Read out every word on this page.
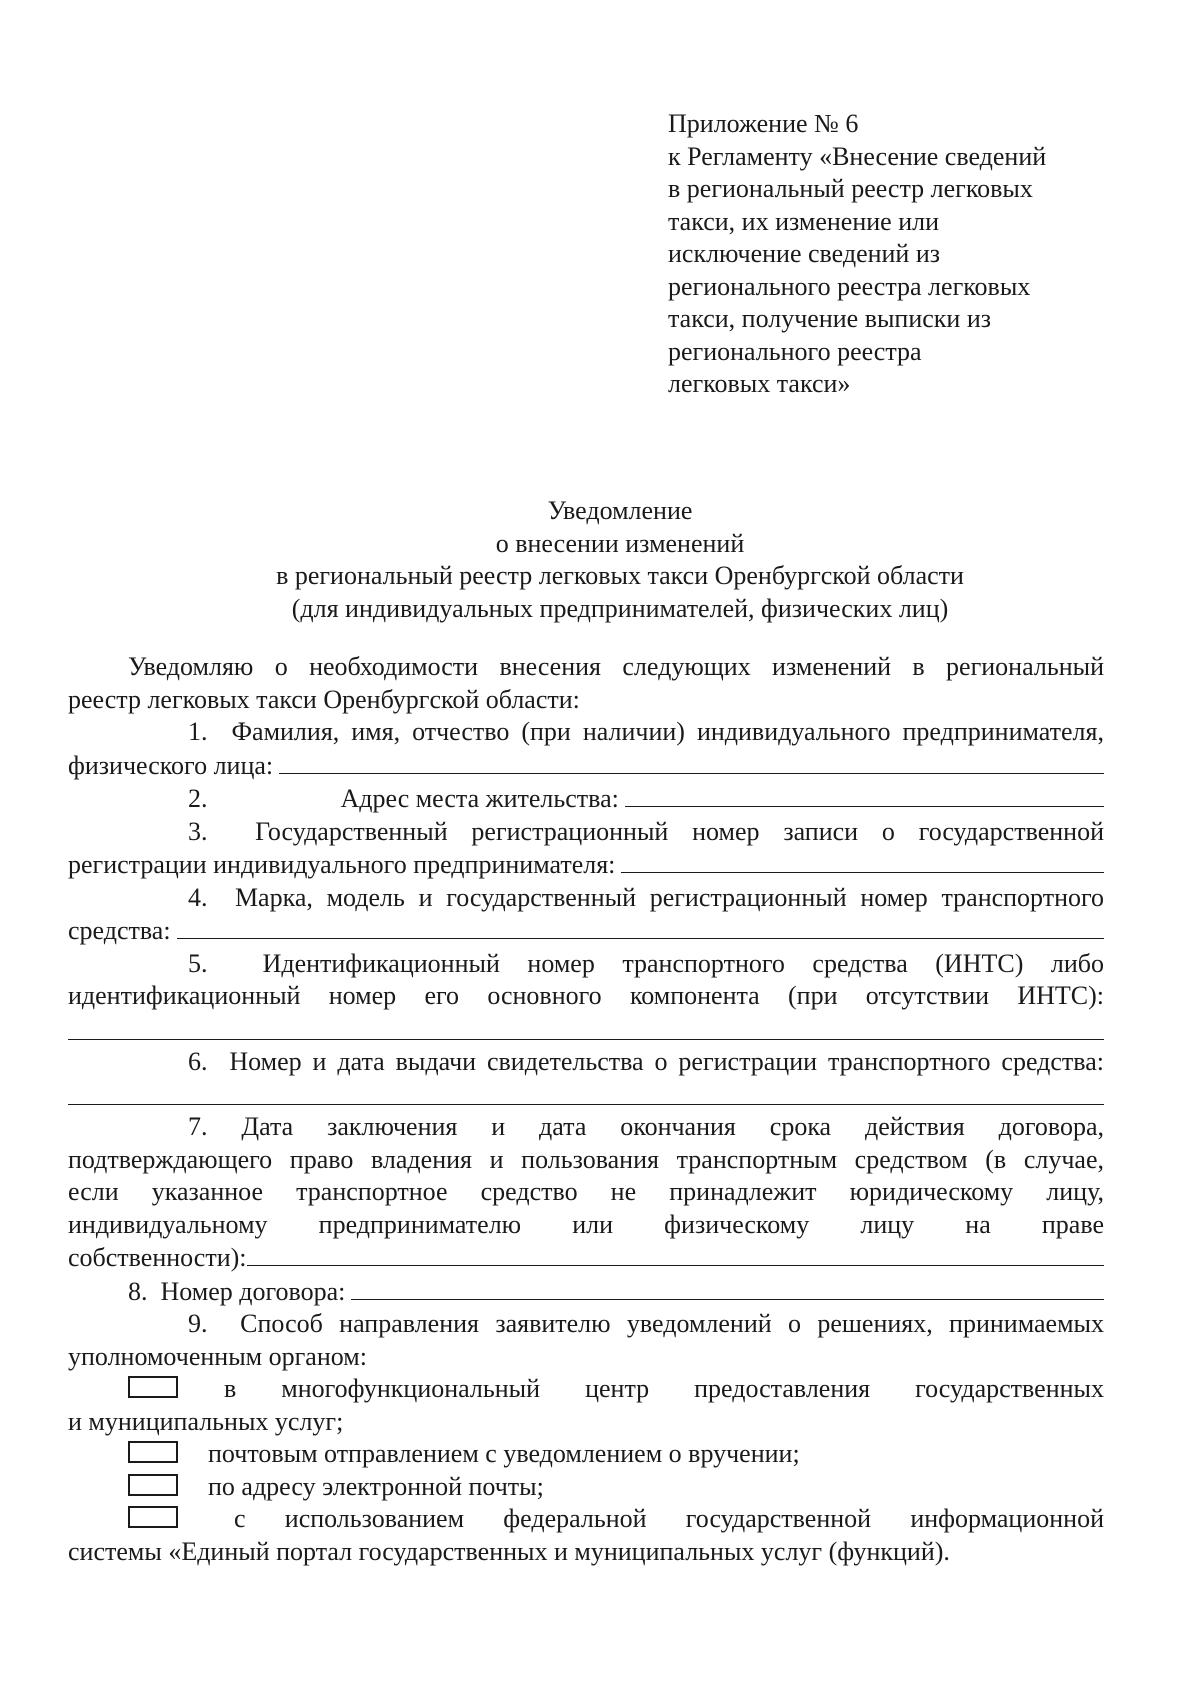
Приложение № 6
к Регламенту «Внесение сведений
в региональный реестр легковых
такси, их изменение или
исключение сведений из
регионального реестра легковых
такси, получение выписки из
регионального реестра
легковых такси»
Уведомление
о внесении изменений
в региональный реестр легковых такси Оренбургской области
(для индивидуальных предпринимателей, физических лиц)
Уведомляю о необходимости внесения следующих изменений в региональный
реестр легковых такси Оренбургской области:
1. Фамилия, имя, отчество (при наличии) индивидуального предпринимателя,
физического лица:
2.
	Адрес места жительства:
3. Государственный регистрационный номер записи о государственной
регистрации индивидуального предпринимателя:
4. Марка, модель и государственный регистрационный номер транспортного
средства:
5. Идентификационный номер транспортного средства (ИНТС) либо
идентификационный номер его основного компонента (при отсутствии ИНТС):
6. Номер и дата выдачи свидетельства о регистрации транспортного средства:
7. Дата заключения и дата окончания срока действия договора,
подтверждающего право владения и пользования транспортным средством (в случае,
если указанное транспортное средство не принадлежит юридическому лицу,
индивидуальному предпринимателю или физическому лицу на праве
собственности):
8.
Номер договора:
9. Способ направления заявителю уведомлений о решениях, принимаемых
уполномоченным органом:
в многофункциональный центр предоставления государственных
и муниципальных услуг;
почтовым отправлением с уведомлением о вручении;
по адресу электронной почты;
с использованием федеральной государственной информационной
системы «Единый портал государственных и муниципальных услуг (функций).
